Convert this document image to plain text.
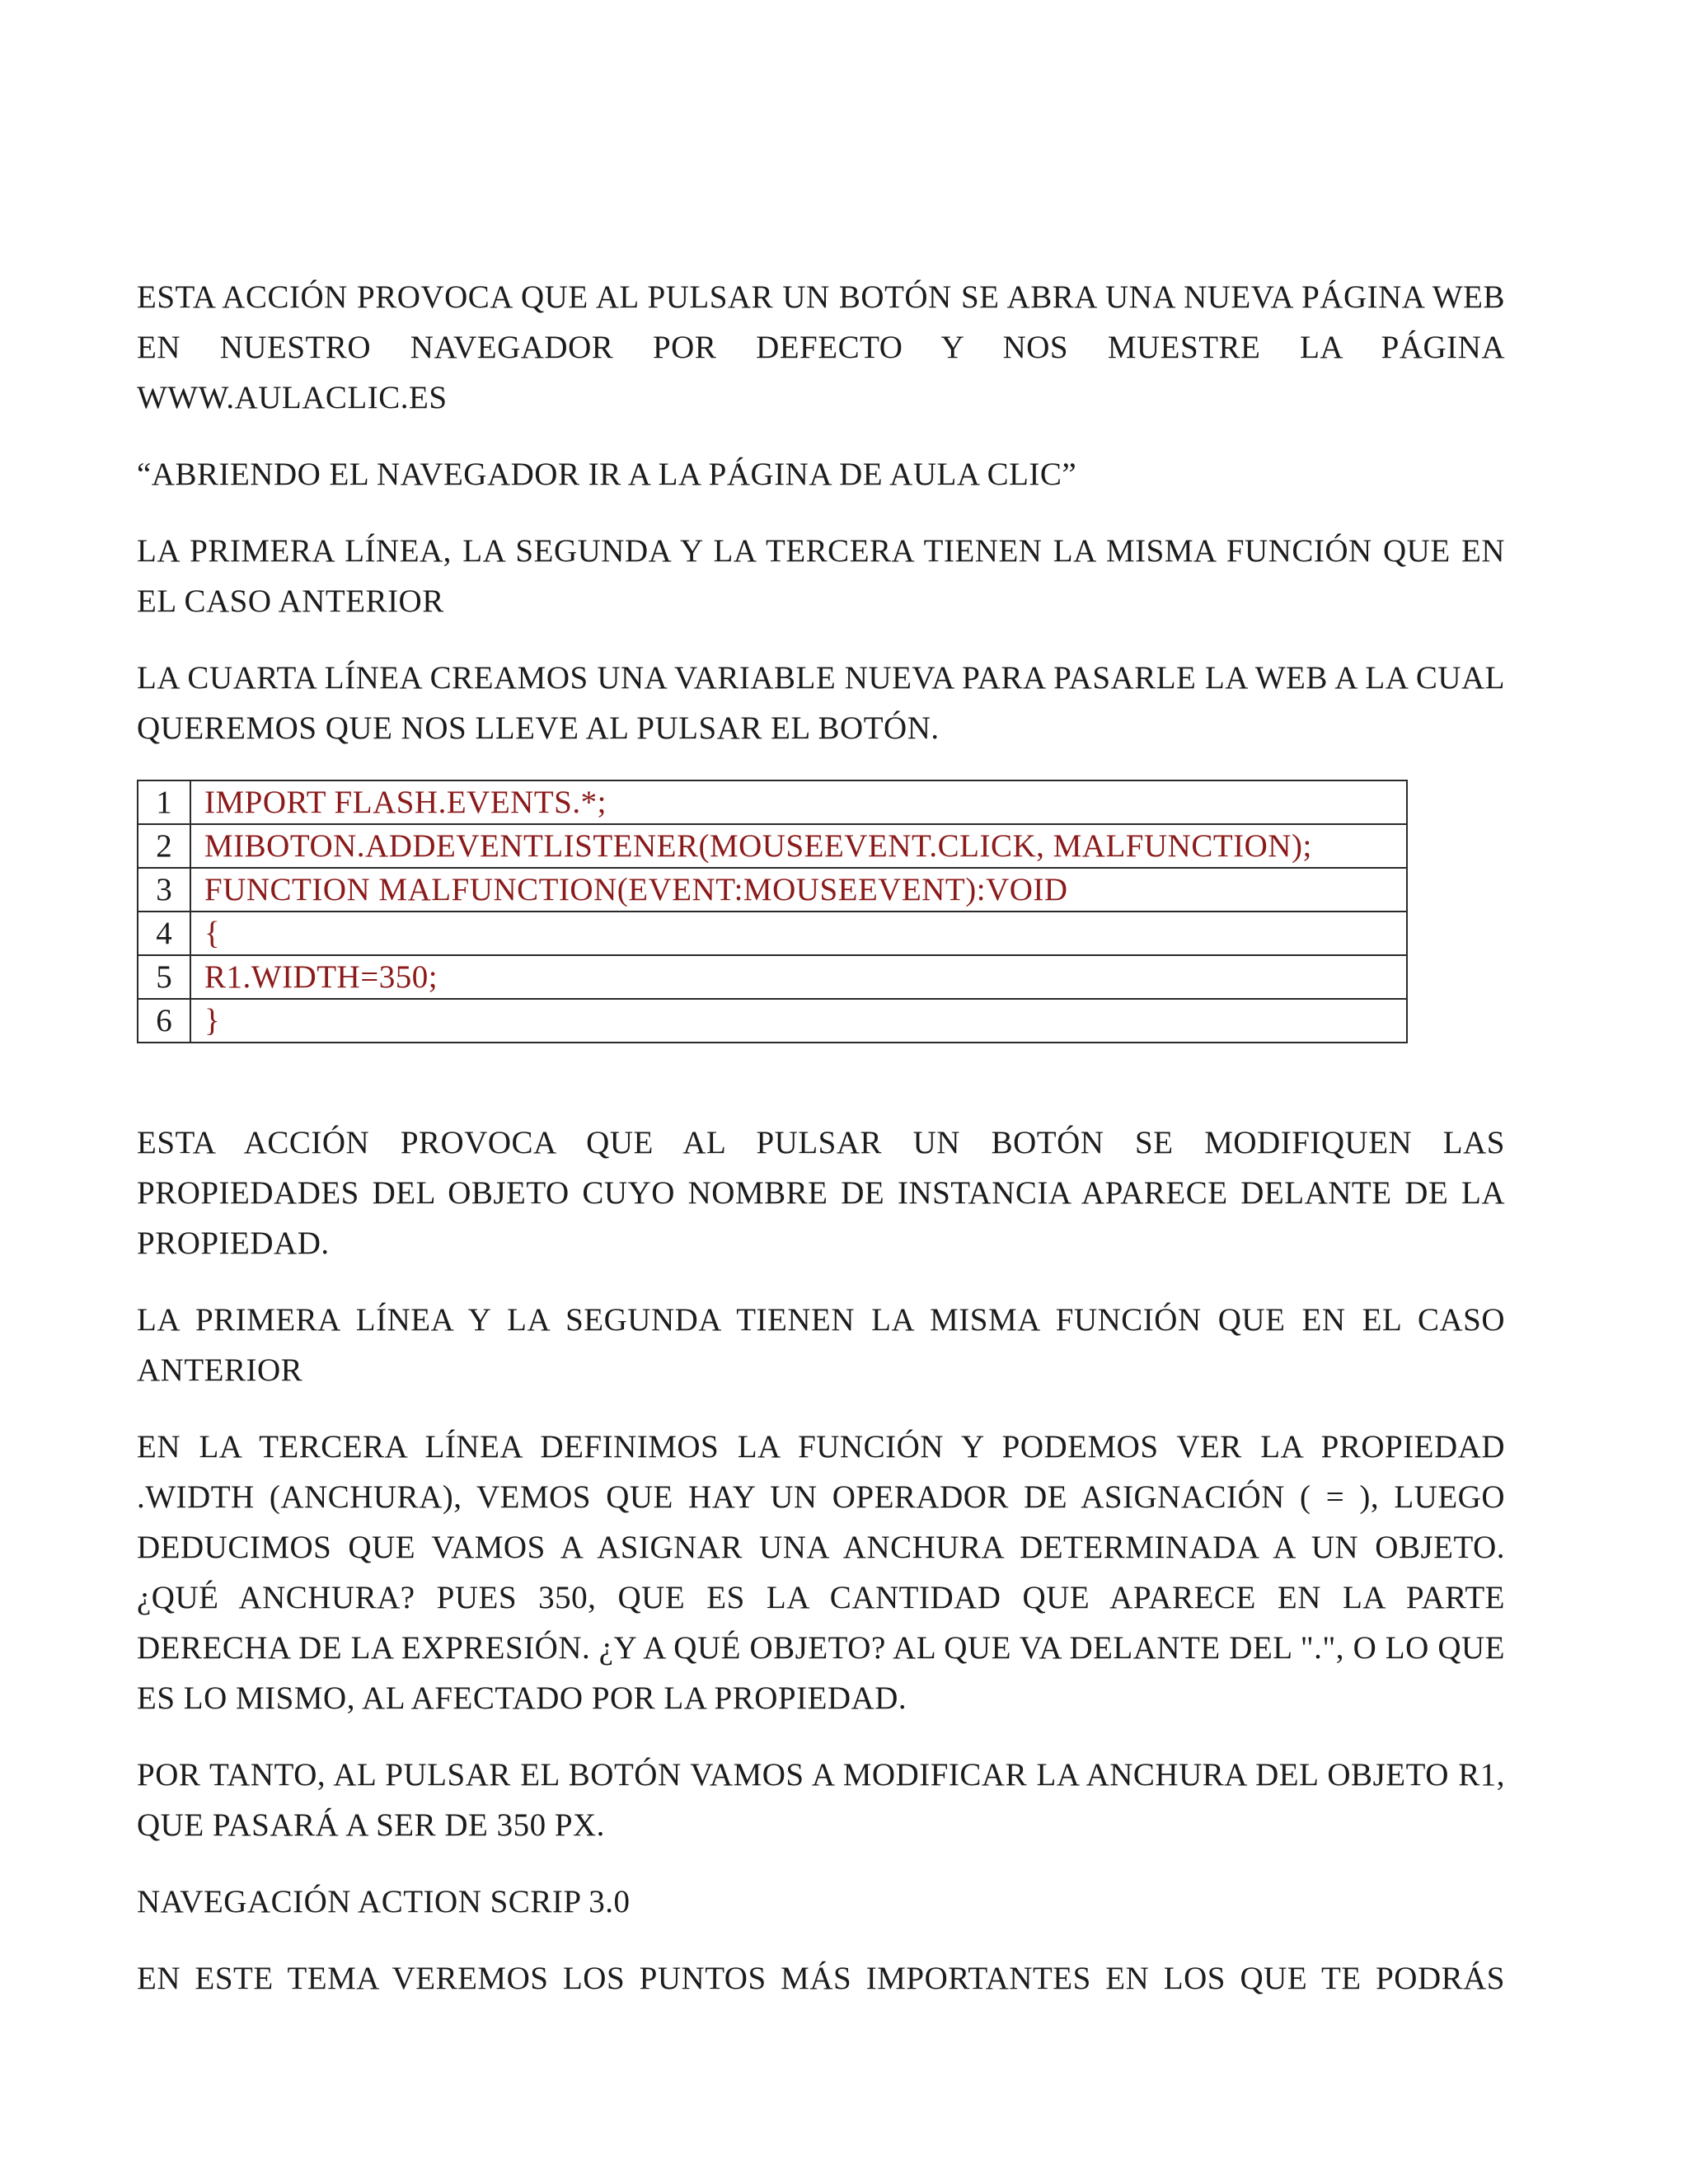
ESTA ACCIÓN PROVOCA QUE AL PULSAR UN BOTÓN SE ABRA UNA NUEVA PÁGINA WEB EN NUESTRO NAVEGADOR POR DEFECTO Y NOS MUESTRE LA PÁGINA WWW.AULACLIC.ES

“ABRIENDO EL NAVEGADOR IR A LA PÁGINA DE AULA CLIC”

LA PRIMERA LÍNEA, LA SEGUNDA Y LA TERCERA TIENEN LA MISMA FUNCIÓN QUE EN EL CASO ANTERIOR

LA CUARTA LÍNEA CREAMOS UNA VARIABLE NUEVA PARA PASARLE LA WEB A LA CUAL QUEREMOS QUE NOS LLEVE AL PULSAR EL BOTÓN.

1	IMPORT FLASH.EVENTS.*;
2	MIBOTON.ADDEVENTLISTENER(MOUSEEVENT.CLICK, MALFUNCTION);
3	FUNCTION MALFUNCTION(EVENT:MOUSEEVENT):VOID
4	{
5	R1.WIDTH=350;
6	}

ESTA ACCIÓN PROVOCA QUE AL PULSAR UN BOTÓN SE MODIFIQUEN LAS PROPIEDADES DEL OBJETO CUYO NOMBRE DE INSTANCIA APARECE DELANTE DE LA PROPIEDAD.

LA PRIMERA LÍNEA Y LA SEGUNDA TIENEN LA MISMA FUNCIÓN QUE EN EL CASO ANTERIOR

EN LA TERCERA LÍNEA DEFINIMOS LA FUNCIÓN Y PODEMOS VER LA PROPIEDAD .WIDTH (ANCHURA), VEMOS QUE HAY UN OPERADOR DE ASIGNACIÓN ( = ), LUEGO DEDUCIMOS QUE VAMOS A ASIGNAR UNA ANCHURA DETERMINADA A UN OBJETO. ¿QUÉ ANCHURA? PUES 350, QUE ES LA CANTIDAD QUE APARECE EN LA PARTE DERECHA DE LA EXPRESIÓN. ¿Y A QUÉ OBJETO? AL QUE VA DELANTE DEL ".", O LO QUE ES LO MISMO, AL AFECTADO POR LA PROPIEDAD.

POR TANTO, AL PULSAR EL BOTÓN VAMOS A MODIFICAR LA ANCHURA DEL OBJETO R1, QUE PASARÁ A SER DE 350 PX.

NAVEGACIÓN ACTION SCRIP 3.0

EN ESTE TEMA VEREMOS LOS PUNTOS MÁS IMPORTANTES EN LOS QUE TE PODRÁS
